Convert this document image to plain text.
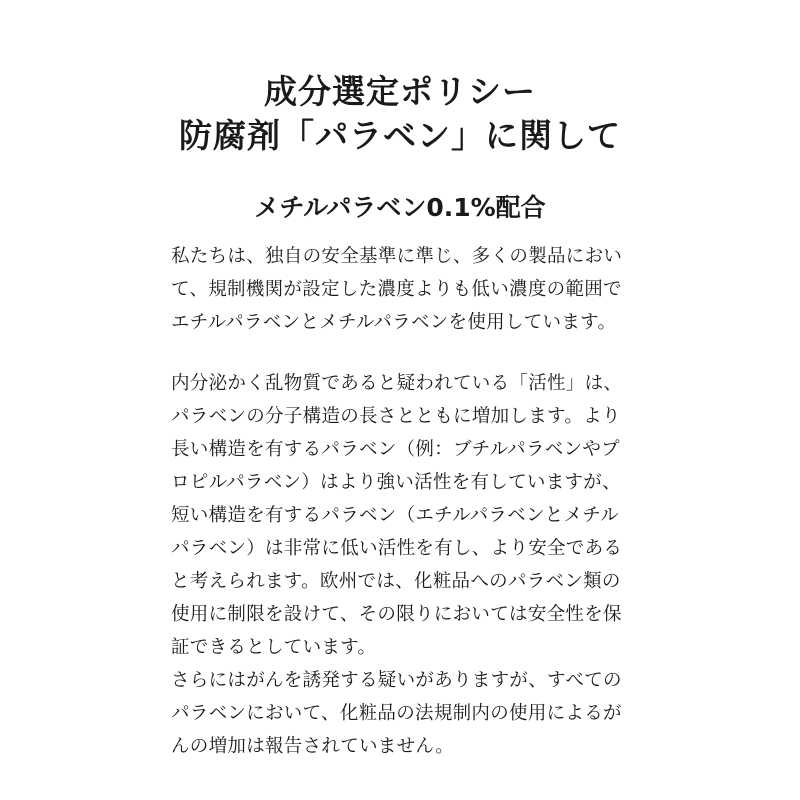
成分選定ポリシー
防腐剤「パラベン」に関して
メチルパラベン0.1%配合
私たちは、独自の安全基準に準じ、多くの製品におい
て、規制機関が設定した濃度よりも低い濃度の範囲で
エチルパラベンとメチルパラベンを使用しています。
内分泌かく乱物質であると疑われている「活性」は、
パラベンの分子構造の長さとともに増加します。より
長い構造を有するパラベン（例：ブチルパラベンやプ
ロピルパラベン）はより強い活性を有していますが、
短い構造を有するパラベン（エチルパラベンとメチル
パラベン）は非常に低い活性を有し、より安全である
と考えられます。欧州では、化粧品へのパラベン類の
使用に制限を設けて、その限りにおいては安全性を保
証できるとしています。
さらにはがんを誘発する疑いがありますが、すべての
パラベンにおいて、化粧品の法規制内の使用によるが
んの増加は報告されていません。
